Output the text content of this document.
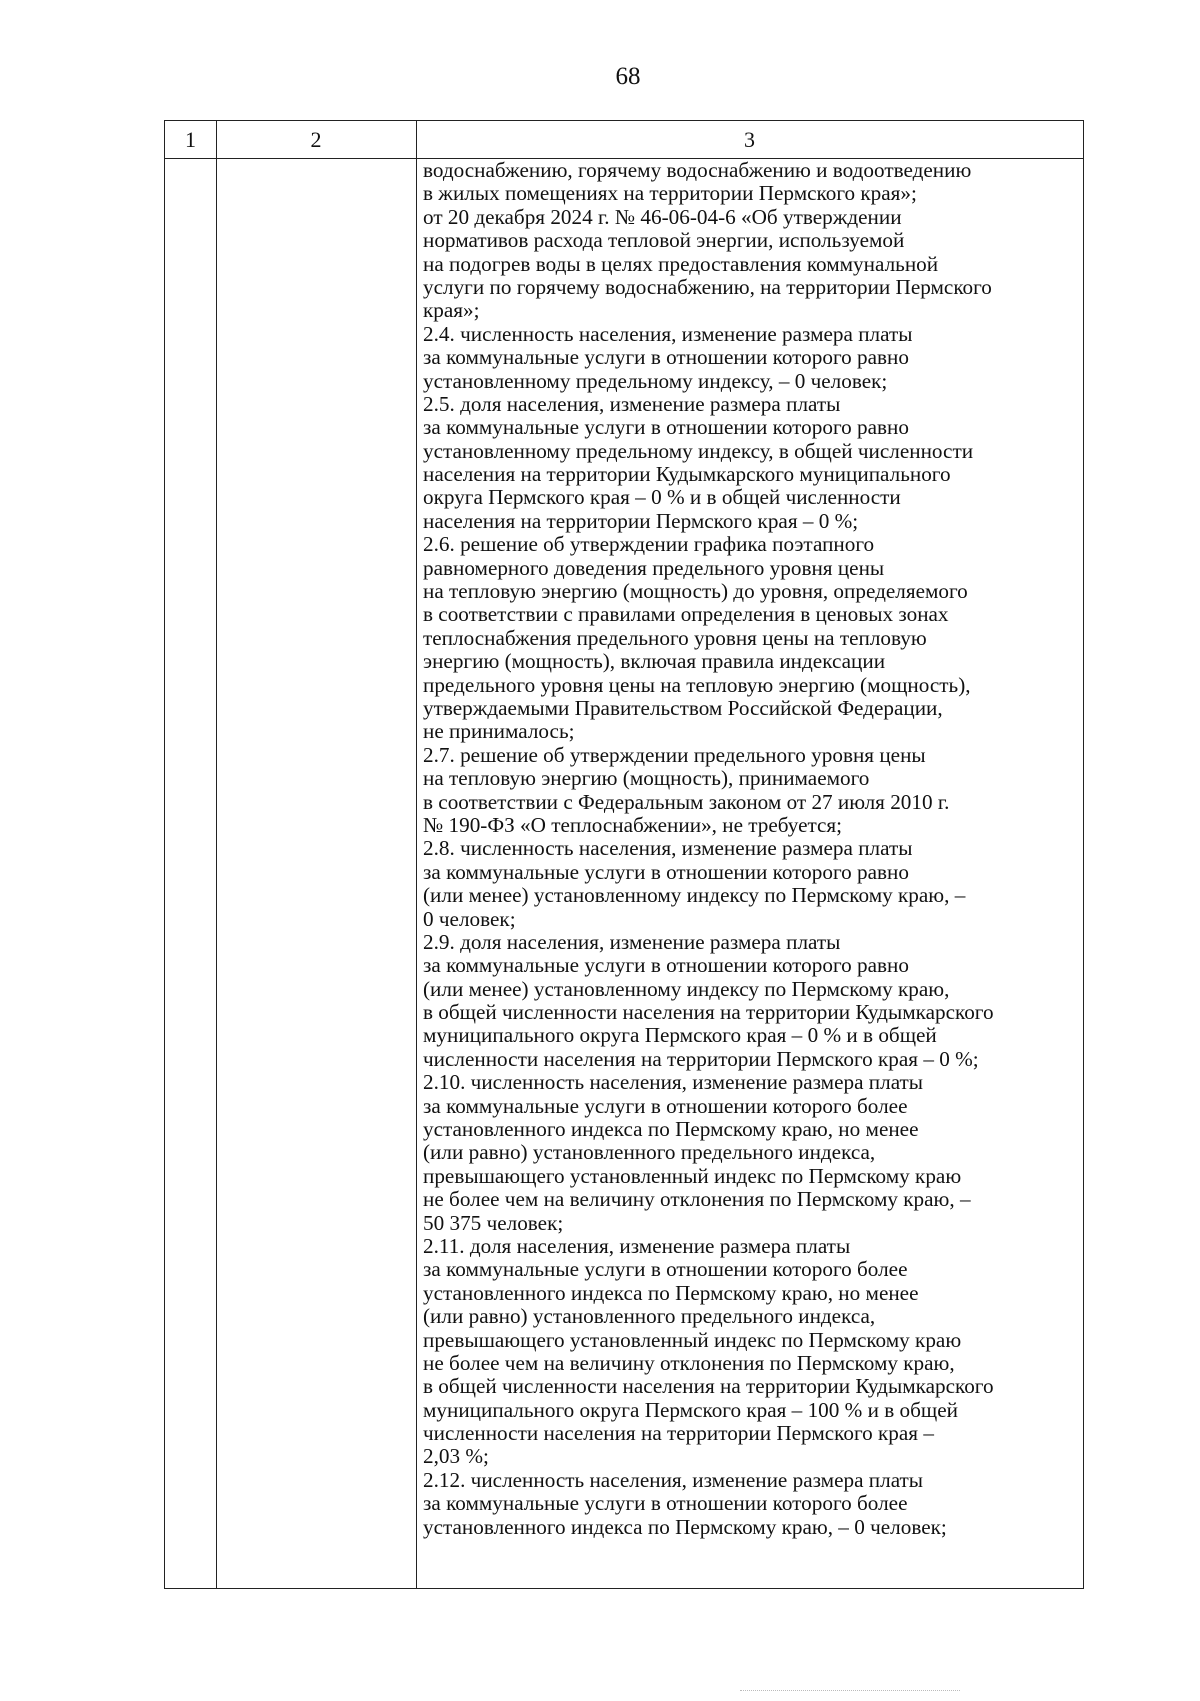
68
1	2	3
водоснабжению, горячему водоснабжению и водоотведению
в жилых помещениях на территории Пермского края»;
от 20 декабря 2024 г. № 46-06-04-6 «Об утверждении
нормативов расхода тепловой энергии, используемой
на подогрев воды в целях предоставления коммунальной
услуги по горячему водоснабжению, на территории Пермского
края»;
2.4. численность населения, изменение размера платы
за коммунальные услуги в отношении которого равно
установленному предельному индексу, – 0 человек;
2.5. доля населения, изменение размера платы
за коммунальные услуги в отношении которого равно
установленному предельному индексу, в общей численности
населения на территории Кудымкарского муниципального
округа Пермского края – 0 % и в общей численности
населения на территории Пермского края – 0 %;
2.6. решение об утверждении графика поэтапного
равномерного доведения предельного уровня цены
на тепловую энергию (мощность) до уровня, определяемого
в соответствии с правилами определения в ценовых зонах
теплоснабжения предельного уровня цены на тепловую
энергию (мощность), включая правила индексации
предельного уровня цены на тепловую энергию (мощность),
утверждаемыми Правительством Российской Федерации,
не принималось;
2.7. решение об утверждении предельного уровня цены
на тепловую энергию (мощность), принимаемого
в соответствии с Федеральным законом от 27 июля 2010 г.
№ 190-ФЗ «О теплоснабжении», не требуется;
2.8. численность населения, изменение размера платы
за коммунальные услуги в отношении которого равно
(или менее) установленному индексу по Пермскому краю, –
0 человек;
2.9. доля населения, изменение размера платы
за коммунальные услуги в отношении которого равно
(или менее) установленному индексу по Пермскому краю,
в общей численности населения на территории Кудымкарского
муниципального округа Пермского края – 0 % и в общей
численности населения на территории Пермского края – 0 %;
2.10. численность населения, изменение размера платы
за коммунальные услуги в отношении которого более
установленного индекса по Пермскому краю, но менее
(или равно) установленного предельного индекса,
превышающего установленный индекс по Пермскому краю
не более чем на величину отклонения по Пермскому краю, –
50 375 человек;
2.11. доля населения, изменение размера платы
за коммунальные услуги в отношении которого более
установленного индекса по Пермскому краю, но менее
(или равно) установленного предельного индекса,
превышающего установленный индекс по Пермскому краю
не более чем на величину отклонения по Пермскому краю,
в общей численности населения на территории Кудымкарского
муниципального округа Пермского края – 100 % и в общей
численности населения на территории Пермского края –
2,03 %;
2.12. численность населения, изменение размера платы
за коммунальные услуги в отношении которого более
установленного индекса по Пермскому краю, – 0 человек;
